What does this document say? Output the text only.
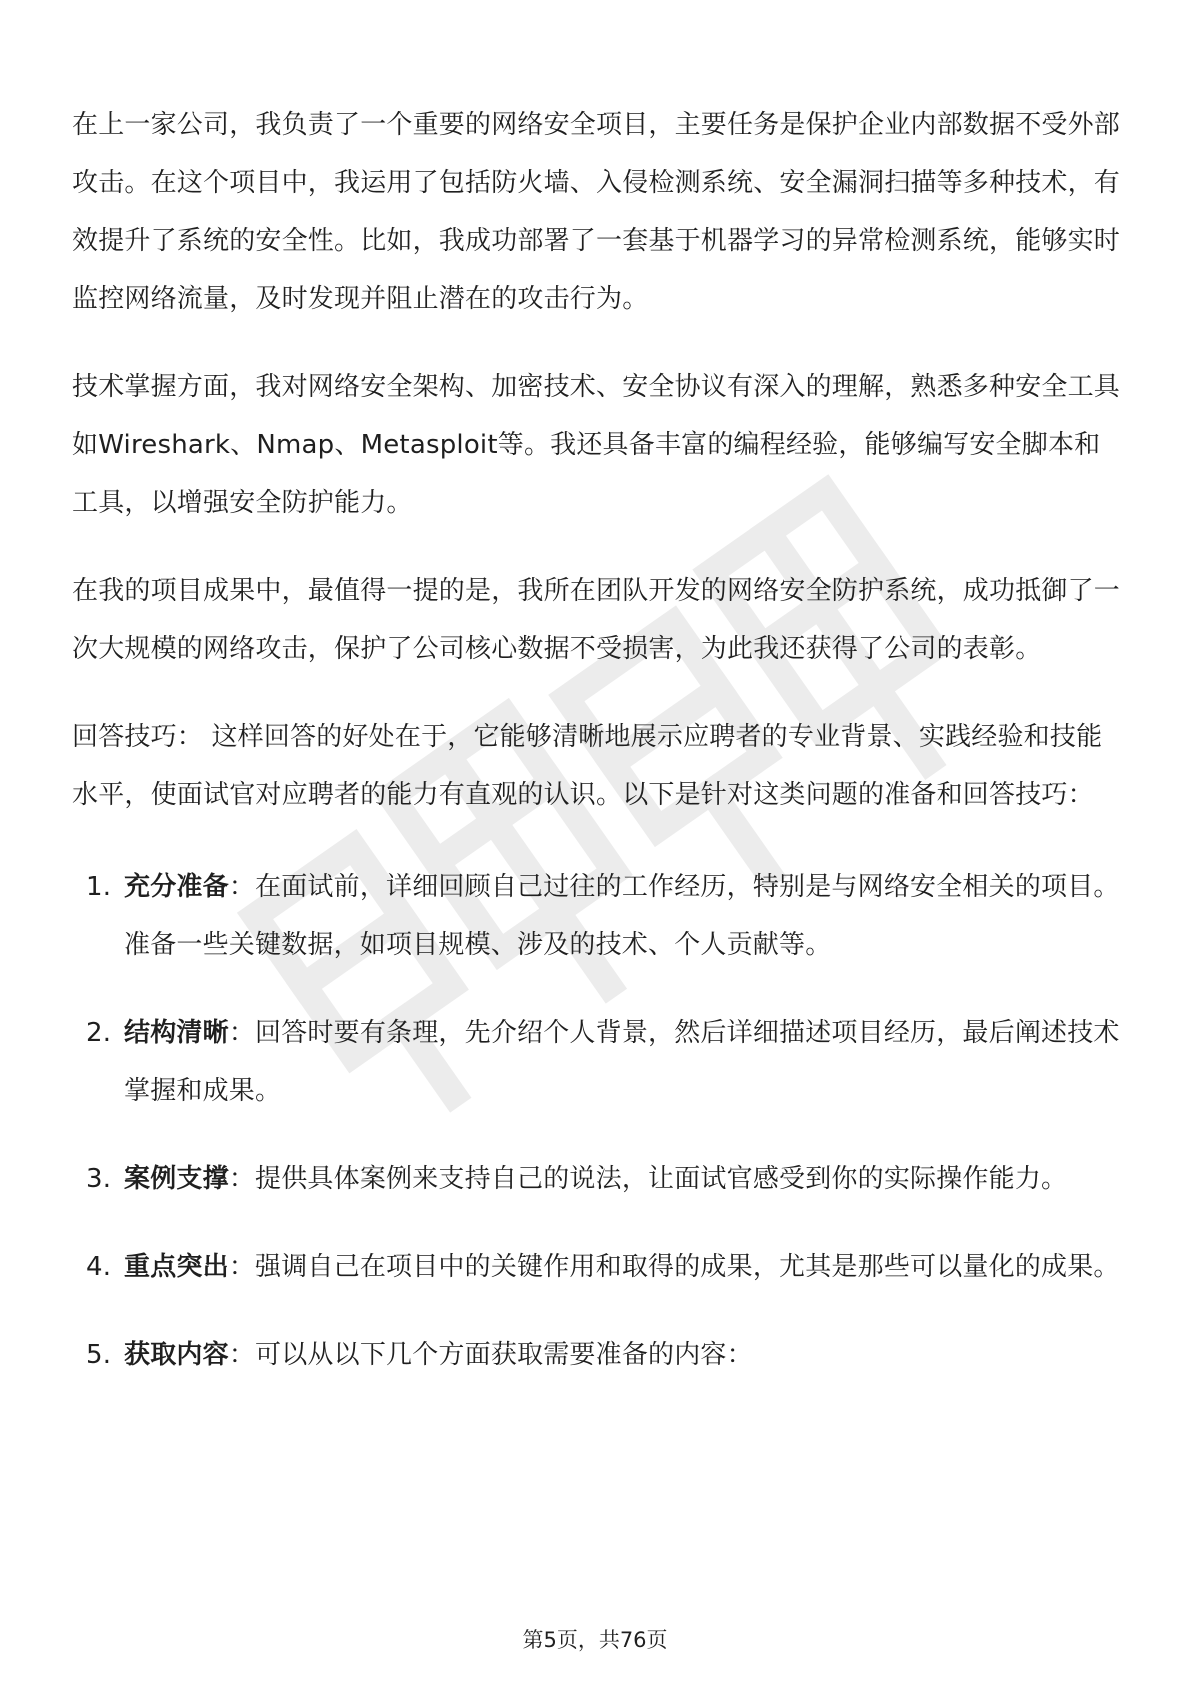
在上一家公司，我负责了一个重要的网络安全项目，主要任务是保护企业内部数据不受外部攻击。在这个项目中，我运用了包括防火墙、入侵检测系统、安全漏洞扫描等多种技术，有效提升了系统的安全性。比如，我成功部署了一套基于机器学习的异常检测系统，能够实时监控网络流量，及时发现并阻止潜在的攻击行为。

技术掌握方面，我对网络安全架构、加密技术、安全协议有深入的理解，熟悉多种安全工具如Wireshark、Nmap、Metasploit等。我还具备丰富的编程经验，能够编写安全脚本和工具，以增强安全防护能力。

在我的项目成果中，最值得一提的是，我所在团队开发的网络安全防护系统，成功抵御了一次大规模的网络攻击，保护了公司核心数据不受损害，为此我还获得了公司的表彰。

回答技巧： 这样回答的好处在于，它能够清晰地展示应聘者的专业背景、实践经验和技能水平，使面试官对应聘者的能力有直观的认识。以下是针对这类问题的准备和回答技巧：

1. 充分准备：在面试前，详细回顾自己过往的工作经历，特别是与网络安全相关的项目。准备一些关键数据，如项目规模、涉及的技术、个人贡献等。
2. 结构清晰：回答时要有条理，先介绍个人背景，然后详细描述项目经历，最后阐述技术掌握和成果。
3. 案例支撑：提供具体案例来支持自己的说法，让面试官感受到你的实际操作能力。
4. 重点突出：强调自己在项目中的关键作用和取得的成果，尤其是那些可以量化的成果。
5. 获取内容：可以从以下几个方面获取需要准备的内容：
第5页，共76页
